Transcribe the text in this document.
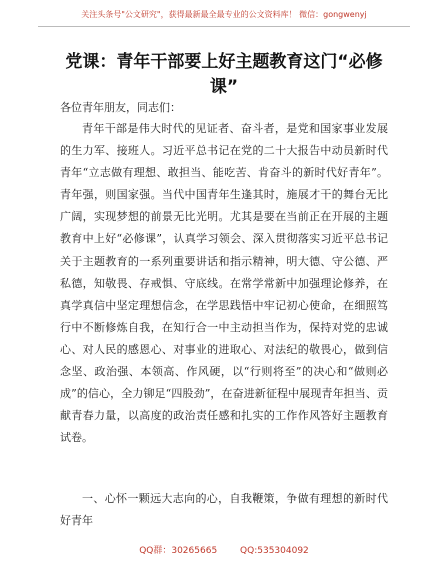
关注头条号"公文研究"，获得最新最全最专业的公文资料库！ 微信：gongwenyj
党课：青年干部要上好主题教育这门“必修课”
各位青年朋友，同志们：

青年干部是伟大时代的见证者、奋斗者，是党和国家事业发展的生力军、接班人。习近平总书记在党的二十大报告中动员新时代青年“立志做有理想、敢担当、能吃苦、肯奋斗的新时代好青年”。青年强，则国家强。当代中国青年生逢其时，施展才干的舞台无比广阔，实现梦想的前景无比光明。尤其是要在当前正在开展的主题教育中上好“必修课”，认真学习领会、深入贯彻落实习近平总书记关于主题教育的一系列重要讲话和指示精神，明大德、守公德、严私德，知敬畏、存戒惧、守底线。在常学常新中加强理论修养，在真学真信中坚定理想信念，在学思践悟中牢记初心使命，在细照笃行中不断修炼自我，在知行合一中主动担当作为，保持对党的忠诚心、对人民的感恩心、对事业的进取心、对法纪的敬畏心，做到信念坚、政治强、本领高、作风硬，以“行则将至”的决心和“做则必成”的信心，全力铆足“四股劲”，在奋进新征程中展现青年担当、贡献青春力量，以高度的政治责任感和扎实的工作作风答好主题教育试卷。

一、心怀一颗远大志向的心，自我鞭策，争做有理想的新时代好青年

QQ群：30265665	QQ:535304092
